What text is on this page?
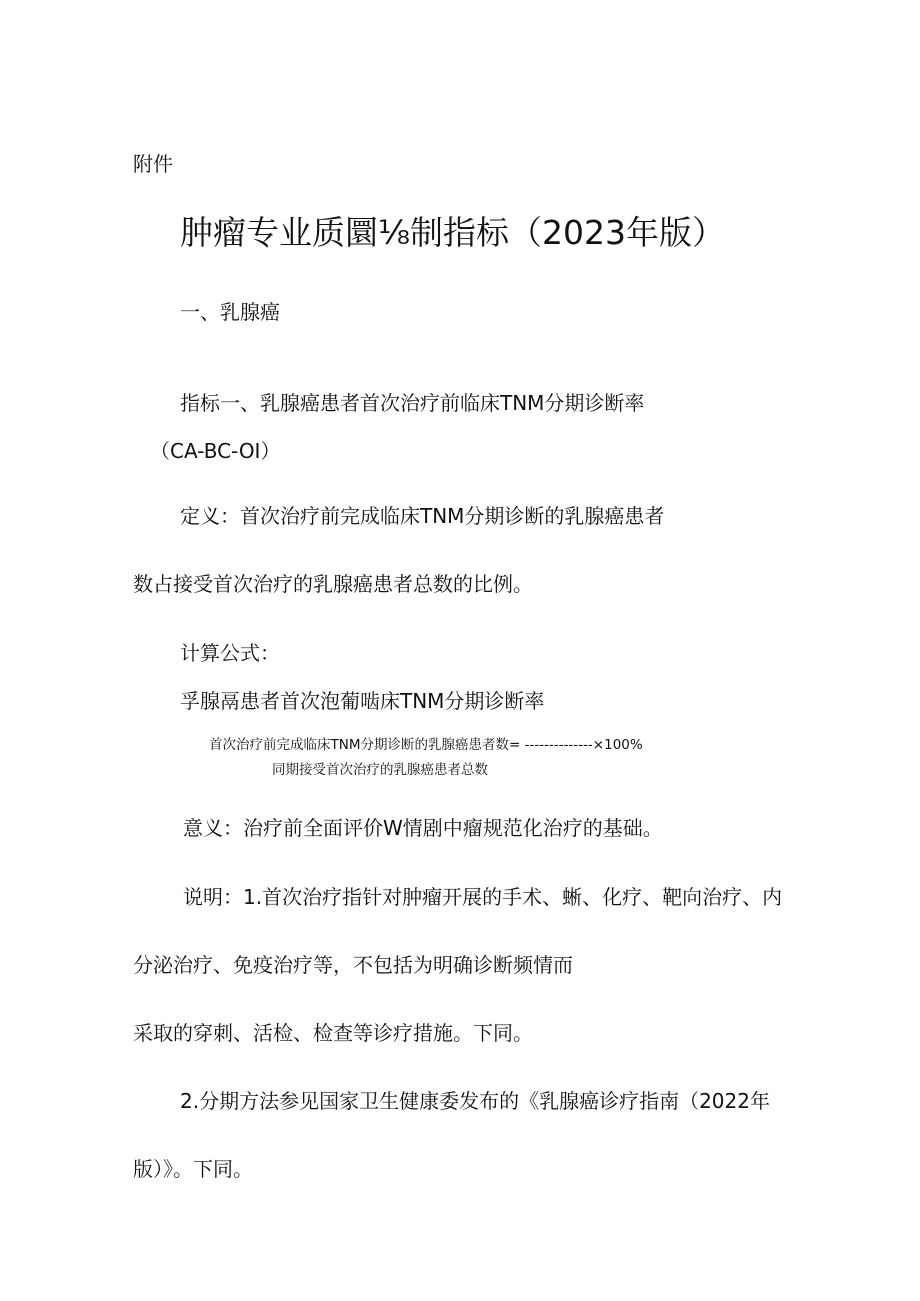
附件

肿瘤专业质圜⅛制指标（2023年版）

一、乳腺癌

指标一、乳腺癌患者首次治疗前临床TNM分期诊断率

（CA-BC-OI）

定义：首次治疗前完成临床TNM分期诊断的乳腺癌患者

数占接受首次治疗的乳腺癌患者总数的比例。

计算公式：

孚腺鬲患者首次泡葡啮床TNM分期诊断率

首次治疗前完成临床TNM分期诊断的乳腺癌患者数= --------------×100%

同期接受首次治疗的乳腺癌患者总数

意义：治疗前全面评价W情剧中瘤规范化治疗的基础。

说明：1.首次治疗指针对肿瘤开展的手术、蜥、化疗、靶向治疗、内

分泌治疗、免疫治疗等，不包括为明确诊断频情而

采取的穿刺、活检、检查等诊疗措施。下同。

2.分期方法参见国家卫生健康委发布的《乳腺癌诊疗指南（2022年

版）》。下同。
